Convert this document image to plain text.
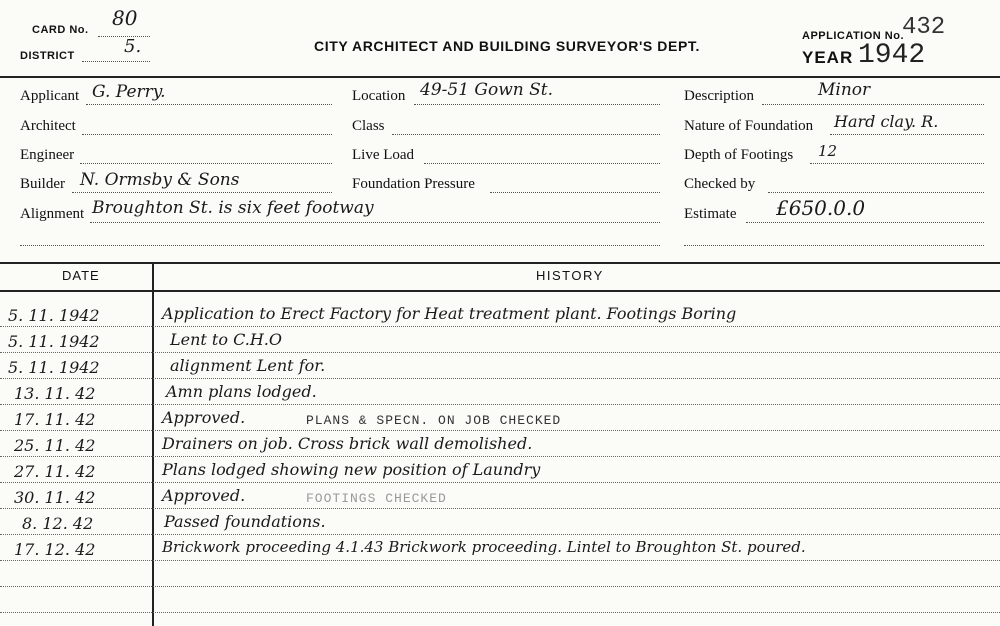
CARD No. 80
DISTRICT	5.	CITY ARCHITECT AND BUILDING SURVEYOR'S DEPT.
APPLICATION No.
432
YEAR 1942
Applicant G. Perry.
Architect
Engineer
Builder N. Ormsby & Sons
Alignment Broughton St. is six feet footway
Location 49-51 Gown St.
Class
Live Load
Foundation Pressure
Description	Minor
Nature of Foundation Hard clay. R.
Depth of Footings 12
Checked by
Estimate £650.0.0
DATE	HISTORY
5. 11. 1942	Application to Erect Factory for Heat treatment plant. Footings Boring
5. 11. 1942	Lent to C.H.O
5. 11. 1942	alignment Lent for.
13. 11. 42	Amn plans lodged.
17. 11. 42	Approved.	PLANS & SPECN. ON JOB CHECKED
25. 11. 42	Drainers on job. Cross brick wall demolished.
27. 11. 42	Plans lodged showing new position of Laundry
30. 11. 42	Approved.	FOOTINGS CHECKED
8. 12. 42	Passed foundations.
17. 12. 42	Brickwork proceeding 4.1.43 Brickwork proceeding. Lintel to Broughton St. poured.
